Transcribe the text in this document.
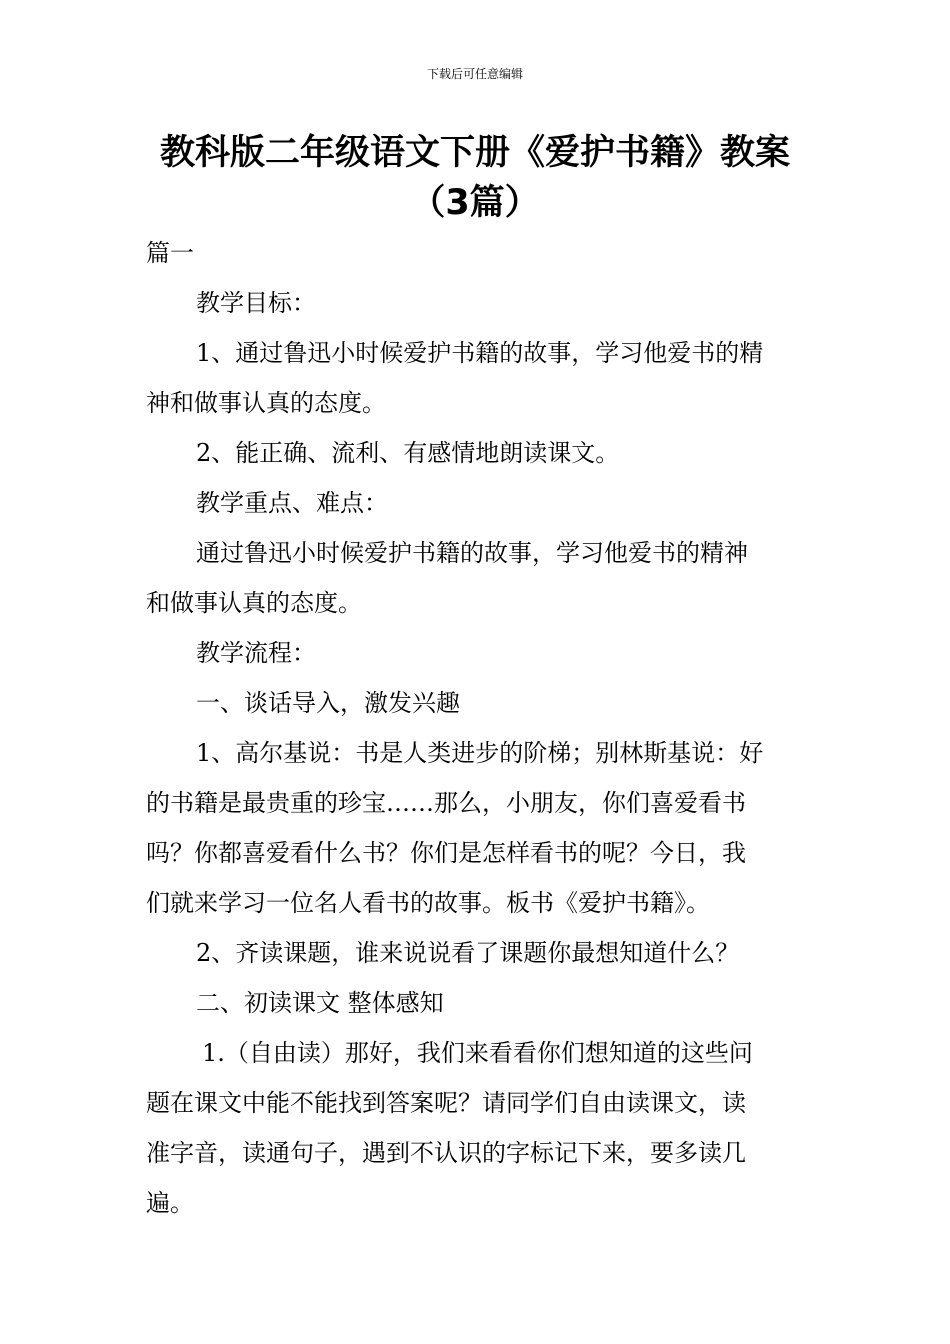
下载后可任意编辑
教科版二年级语文下册《爱护书籍》教案
（3篇）
篇一
教学目标：
1、通过鲁迅小时候爱护书籍的故事，学习他爱书的精
神和做事认真的态度。
2、能正确、流利、有感情地朗读课文。
教学重点、难点：
通过鲁迅小时候爱护书籍的故事，学习他爱书的精神
和做事认真的态度。
教学流程：
一、谈话导入，激发兴趣
1、高尔基说：书是人类进步的阶梯；别林斯基说：好
的书籍是最贵重的珍宝……那么，小朋友，你们喜爱看书
吗？你都喜爱看什么书？你们是怎样看书的呢？今日，我
们就来学习一位名人看书的故事。板书《爱护书籍》。
2、齐读课题，谁来说说看了课题你最想知道什么？
二、初读课文 整体感知
1.（自由读）那好，我们来看看你们想知道的这些问
题在课文中能不能找到答案呢？请同学们自由读课文，读
准字音，读通句子，遇到不认识的字标记下来，要多读几
遍。
